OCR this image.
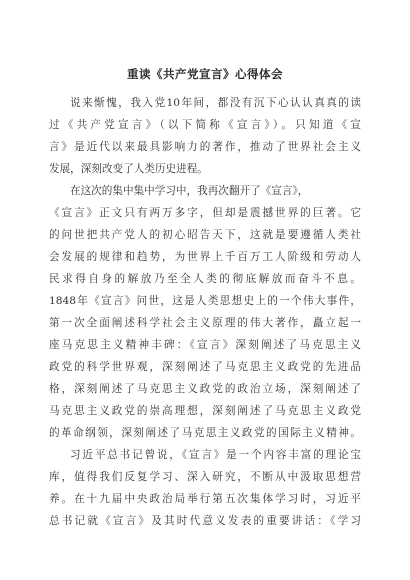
重读《共产党宣言》心得体会
说来惭愧，我入党10年间，都没有沉下心认认真真的读
过《共产党宣言》（以下简称《宣言》）。只知道《宣
言》是近代以来最具影响力的著作，推动了世界社会主义
发展，深刻改变了人类历史进程。
在这次的集中集中学习中，我再次翻开了《宣言》，
《宣言》正文只有两万多字，但却是震撼世界的巨著。它
的问世把共产党人的初心昭告天下，这就是要遵循人类社
会发展的规律和趋势，为世界上千百万工人阶级和劳动人
民求得自身的解放乃至全人类的彻底解放而奋斗不息。
1848年《宣言》问世，这是人类思想史上的一个伟大事件，
第一次全面阐述科学社会主义原理的伟大著作，矗立起一
座马克思主义精神丰碑：《宣言》深刻阐述了马克思主义
政党的科学世界观，深刻阐述了马克思主义政党的先进品
格，深刻阐述了马克思主义政党的政治立场，深刻阐述了
马克思主义政党的崇高理想，深刻阐述了马克思主义政党
的革命纲领，深刻阐述了马克思主义政党的国际主义精神。
习近平总书记曾说，《宣言》是一个内容丰富的理论宝
库，值得我们反复学习、深入研究，不断从中汲取思想营
养。在十九届中央政治局举行第五次集体学习时，习近平
总书记就《宣言》及其时代意义发表的重要讲话：《学习
